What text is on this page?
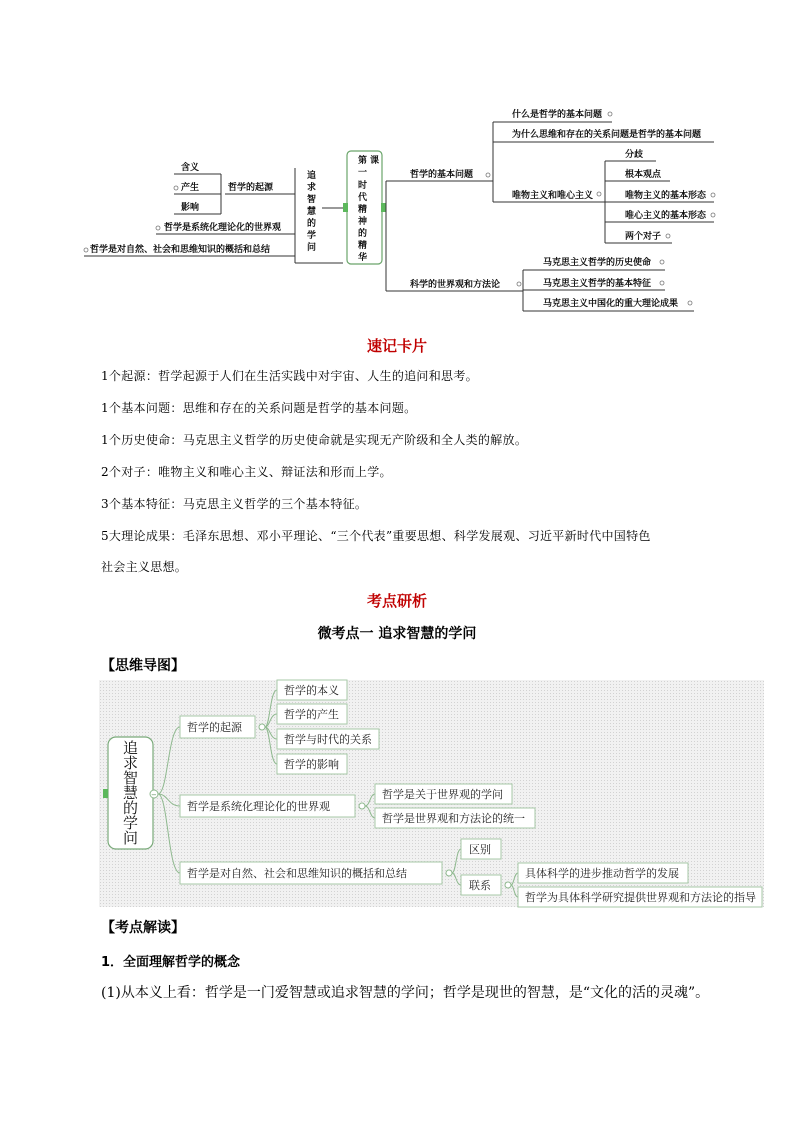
第
一
课
时
代
精
神
的
精
华
追
求
智
慧
的
学
问
哲学的起源
含义
产生
影响
哲学是系统化理论化的世界观
哲学是对自然、社会和思维知识的概括和总结
哲学的基本问题
什么是哲学的基本问题
为什么思维和存在的关系问题是哲学的基本问题
唯物主义和唯心主义
分歧
根本观点
唯物主义的基本形态
唯心主义的基本形态
两个对子
科学的世界观和方法论
马克思主义哲学的历史使命
马克思主义哲学的基本特征
马克思主义中国化的重大理论成果
速记卡片
1个起源：哲学起源于人们在生活实践中对宇宙、人生的追问和思考。
1个基本问题：思维和存在的关系问题是哲学的基本问题。
1个历史使命：马克思主义哲学的历史使命就是实现无产阶级和全人类的解放。
2个对子：唯物主义和唯心主义、辩证法和形而上学。
3个基本特征：马克思主义哲学的三个基本特征。
5大理论成果：毛泽东思想、邓小平理论、“三个代表”重要思想、科学发展观、习近平新时代中国特色
社会主义思想。
考点研析
微考点一 追求智慧的学问
【思维导图】
追
求
智
慧
的
学
问
−
哲学的起源
哲学的本义
哲学的产生
哲学与时代的关系
哲学的影响
哲学是系统化理论化的世界观
哲学是关于世界观的学问
哲学是世界观和方法论的统一
哲学是对自然、社会和思维知识的概括和总结
区别
联系
具体科学的进步推动哲学的发展
哲学为具体科学研究提供世界观和方法论的指导
【考点解读】
1．全面理解哲学的概念
(1)从本义上看：哲学是一门爱智慧或追求智慧的学问；哲学是现世的智慧，是“文化的活的灵魂”。
